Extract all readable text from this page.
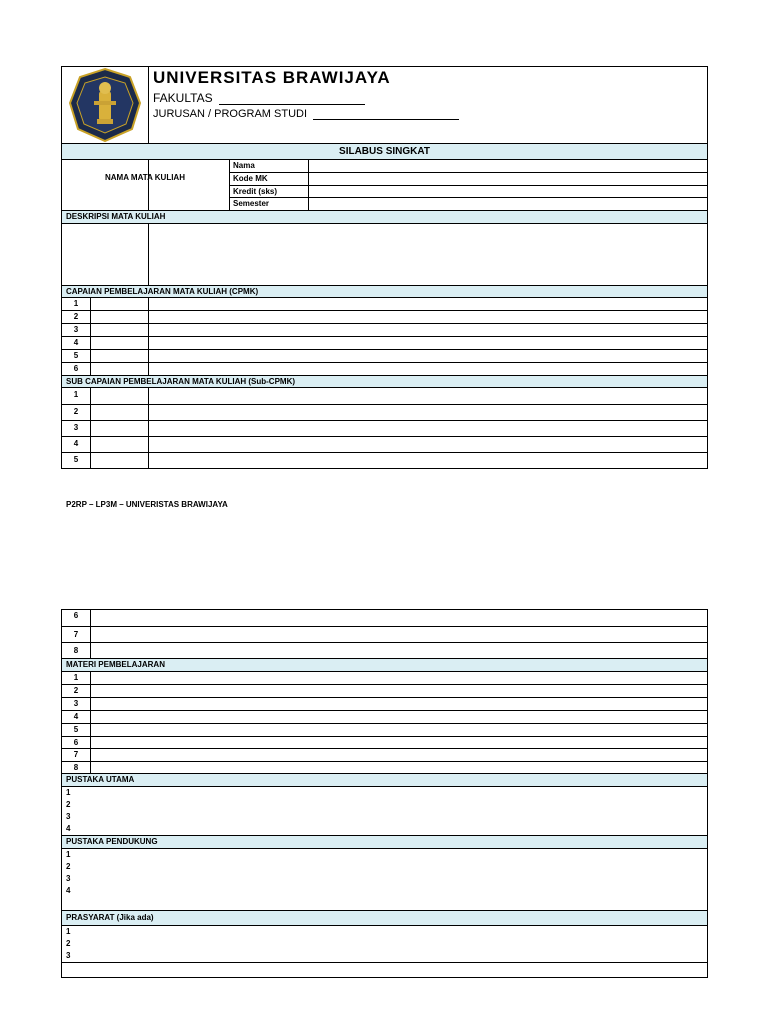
UNIVERSITAS BRAWIJAYA
FAKULTAS
JURUSAN / PROGRAM STUDI
SILABUS SINGKAT
NAMA MATA KULIAH
Nama
Kode MK
Kredit (sks)
Semester
DESKRIPSI MATA KULIAH
CAPAIAN PEMBELAJARAN MATA KULIAH (CPMK)
1
2
3
4
5
6
SUB CAPAIAN PEMBELAJARAN MATA KULIAH (Sub-CPMK)
1
2
3
4
5
P2RP – LP3M – UNIVERISTAS BRAWIJAYA
6
7
8
MATERI PEMBELAJARAN
1
2
3
4
5
6
7
8
PUSTAKA UTAMA
1
2
3
4
PUSTAKA PENDUKUNG
1
2
3
4
PRASYARAT (Jika ada)
1
2
3
